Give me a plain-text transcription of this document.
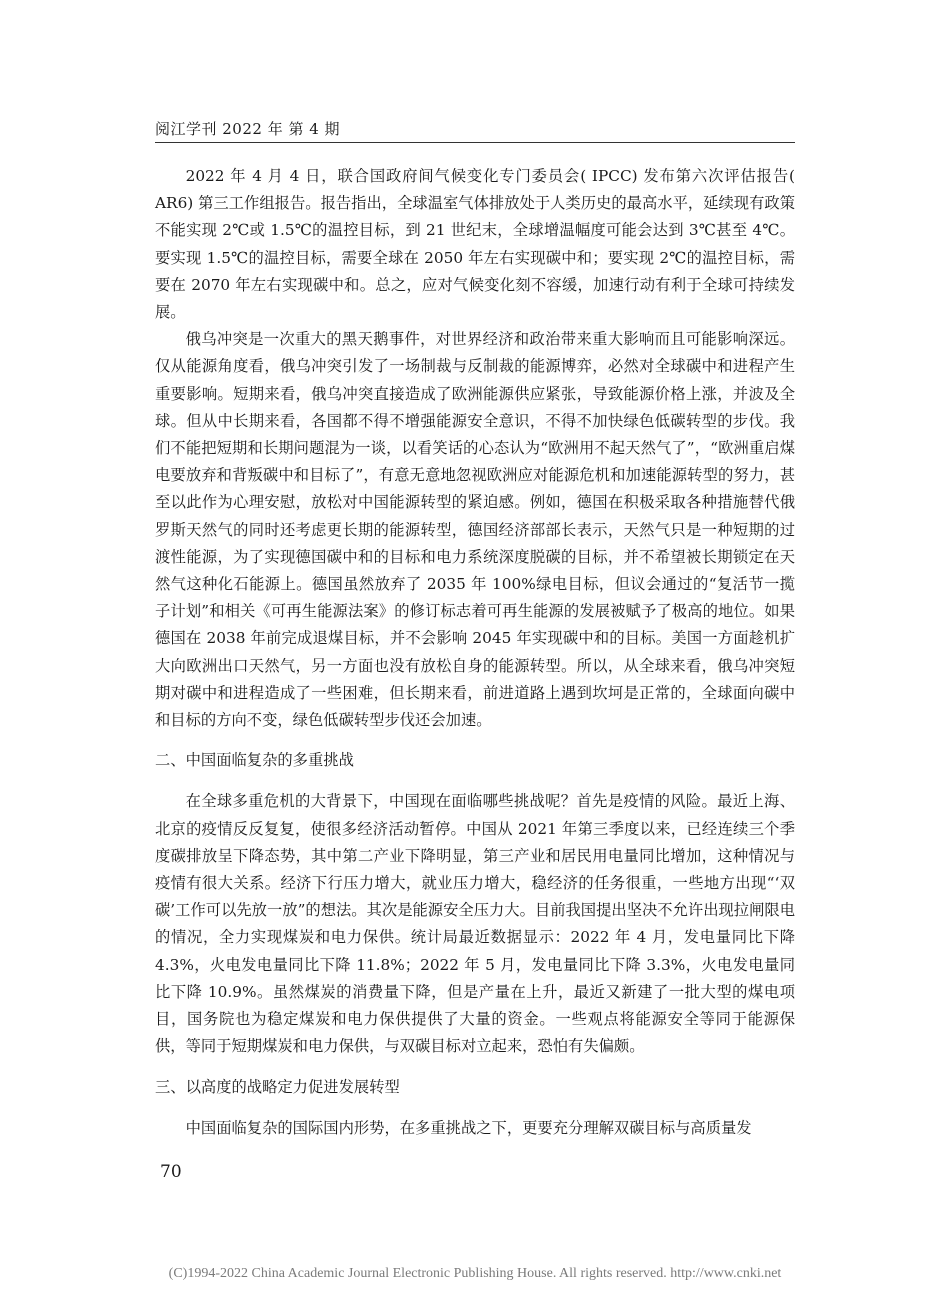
阅江学刊 2022 年 第 4 期

2022 年 4 月 4 日，联合国政府间气候变化专门委员会( IPCC) 发布第六次评估报告( AR6) 第三工作组报告。报告指出，全球温室气体排放处于人类历史的最高水平，延续现有政策不能实现 2℃或 1.5℃的温控目标，到 21 世纪末，全球增温幅度可能会达到 3℃甚至 4℃。要实现 1.5℃的温控目标，需要全球在 2050 年左右实现碳中和；要实现 2℃的温控目标，需要在 2070 年左右实现碳中和。总之，应对气候变化刻不容缓，加速行动有利于全球可持续发展。

俄乌冲突是一次重大的黑天鹅事件，对世界经济和政治带来重大影响而且可能影响深远。仅从能源角度看，俄乌冲突引发了一场制裁与反制裁的能源博弈，必然对全球碳中和进程产生重要影响。短期来看，俄乌冲突直接造成了欧洲能源供应紧张，导致能源价格上涨，并波及全球。但从中长期来看，各国都不得不增强能源安全意识，不得不加快绿色低碳转型的步伐。我们不能把短期和长期问题混为一谈，以看笑话的心态认为“欧洲用不起天然气了”，“欧洲重启煤电要放弃和背叛碳中和目标了”，有意无意地忽视欧洲应对能源危机和加速能源转型的努力，甚至以此作为心理安慰，放松对中国能源转型的紧迫感。例如，德国在积极采取各种措施替代俄罗斯天然气的同时还考虑更长期的能源转型，德国经济部部长表示，天然气只是一种短期的过渡性能源，为了实现德国碳中和的目标和电力系统深度脱碳的目标，并不希望被长期锁定在天然气这种化石能源上。德国虽然放弃了 2035 年 100%绿电目标，但议会通过的“复活节一揽子计划”和相关《可再生能源法案》的修订标志着可再生能源的发展被赋予了极高的地位。如果德国在 2038 年前完成退煤目标，并不会影响 2045 年实现碳中和的目标。美国一方面趁机扩大向欧洲出口天然气，另一方面也没有放松自身的能源转型。所以，从全球来看，俄乌冲突短期对碳中和进程造成了一些困难，但长期来看，前进道路上遇到坎坷是正常的，全球面向碳中和目标的方向不变，绿色低碳转型步伐还会加速。

二、中国面临复杂的多重挑战

在全球多重危机的大背景下，中国现在面临哪些挑战呢？首先是疫情的风险。最近上海、北京的疫情反反复复，使很多经济活动暂停。中国从 2021 年第三季度以来，已经连续三个季度碳排放呈下降态势，其中第二产业下降明显，第三产业和居民用电量同比增加，这种情况与疫情有很大关系。经济下行压力增大，就业压力增大，稳经济的任务很重，一些地方出现“‘双碳’工作可以先放一放”的想法。其次是能源安全压力大。目前我国提出坚决不允许出现拉闸限电的情况，全力实现煤炭和电力保供。统计局最近数据显示：2022 年 4 月，发电量同比下降 4.3%，火电发电量同比下降 11.8%；2022 年 5 月，发电量同比下降 3.3%，火电发电量同比下降 10.9%。虽然煤炭的消费量下降，但是产量在上升，最近又新建了一批大型的煤电项目，国务院也为稳定煤炭和电力保供提供了大量的资金。一些观点将能源安全等同于能源保供，等同于短期煤炭和电力保供，与双碳目标对立起来，恐怕有失偏颇。

三、以高度的战略定力促进发展转型

中国面临复杂的国际国内形势，在多重挑战之下，更要充分理解双碳目标与高质量发

70
(C)1994-2022 China Academic Journal Electronic Publishing House. All rights reserved. http://www.cnki.net
